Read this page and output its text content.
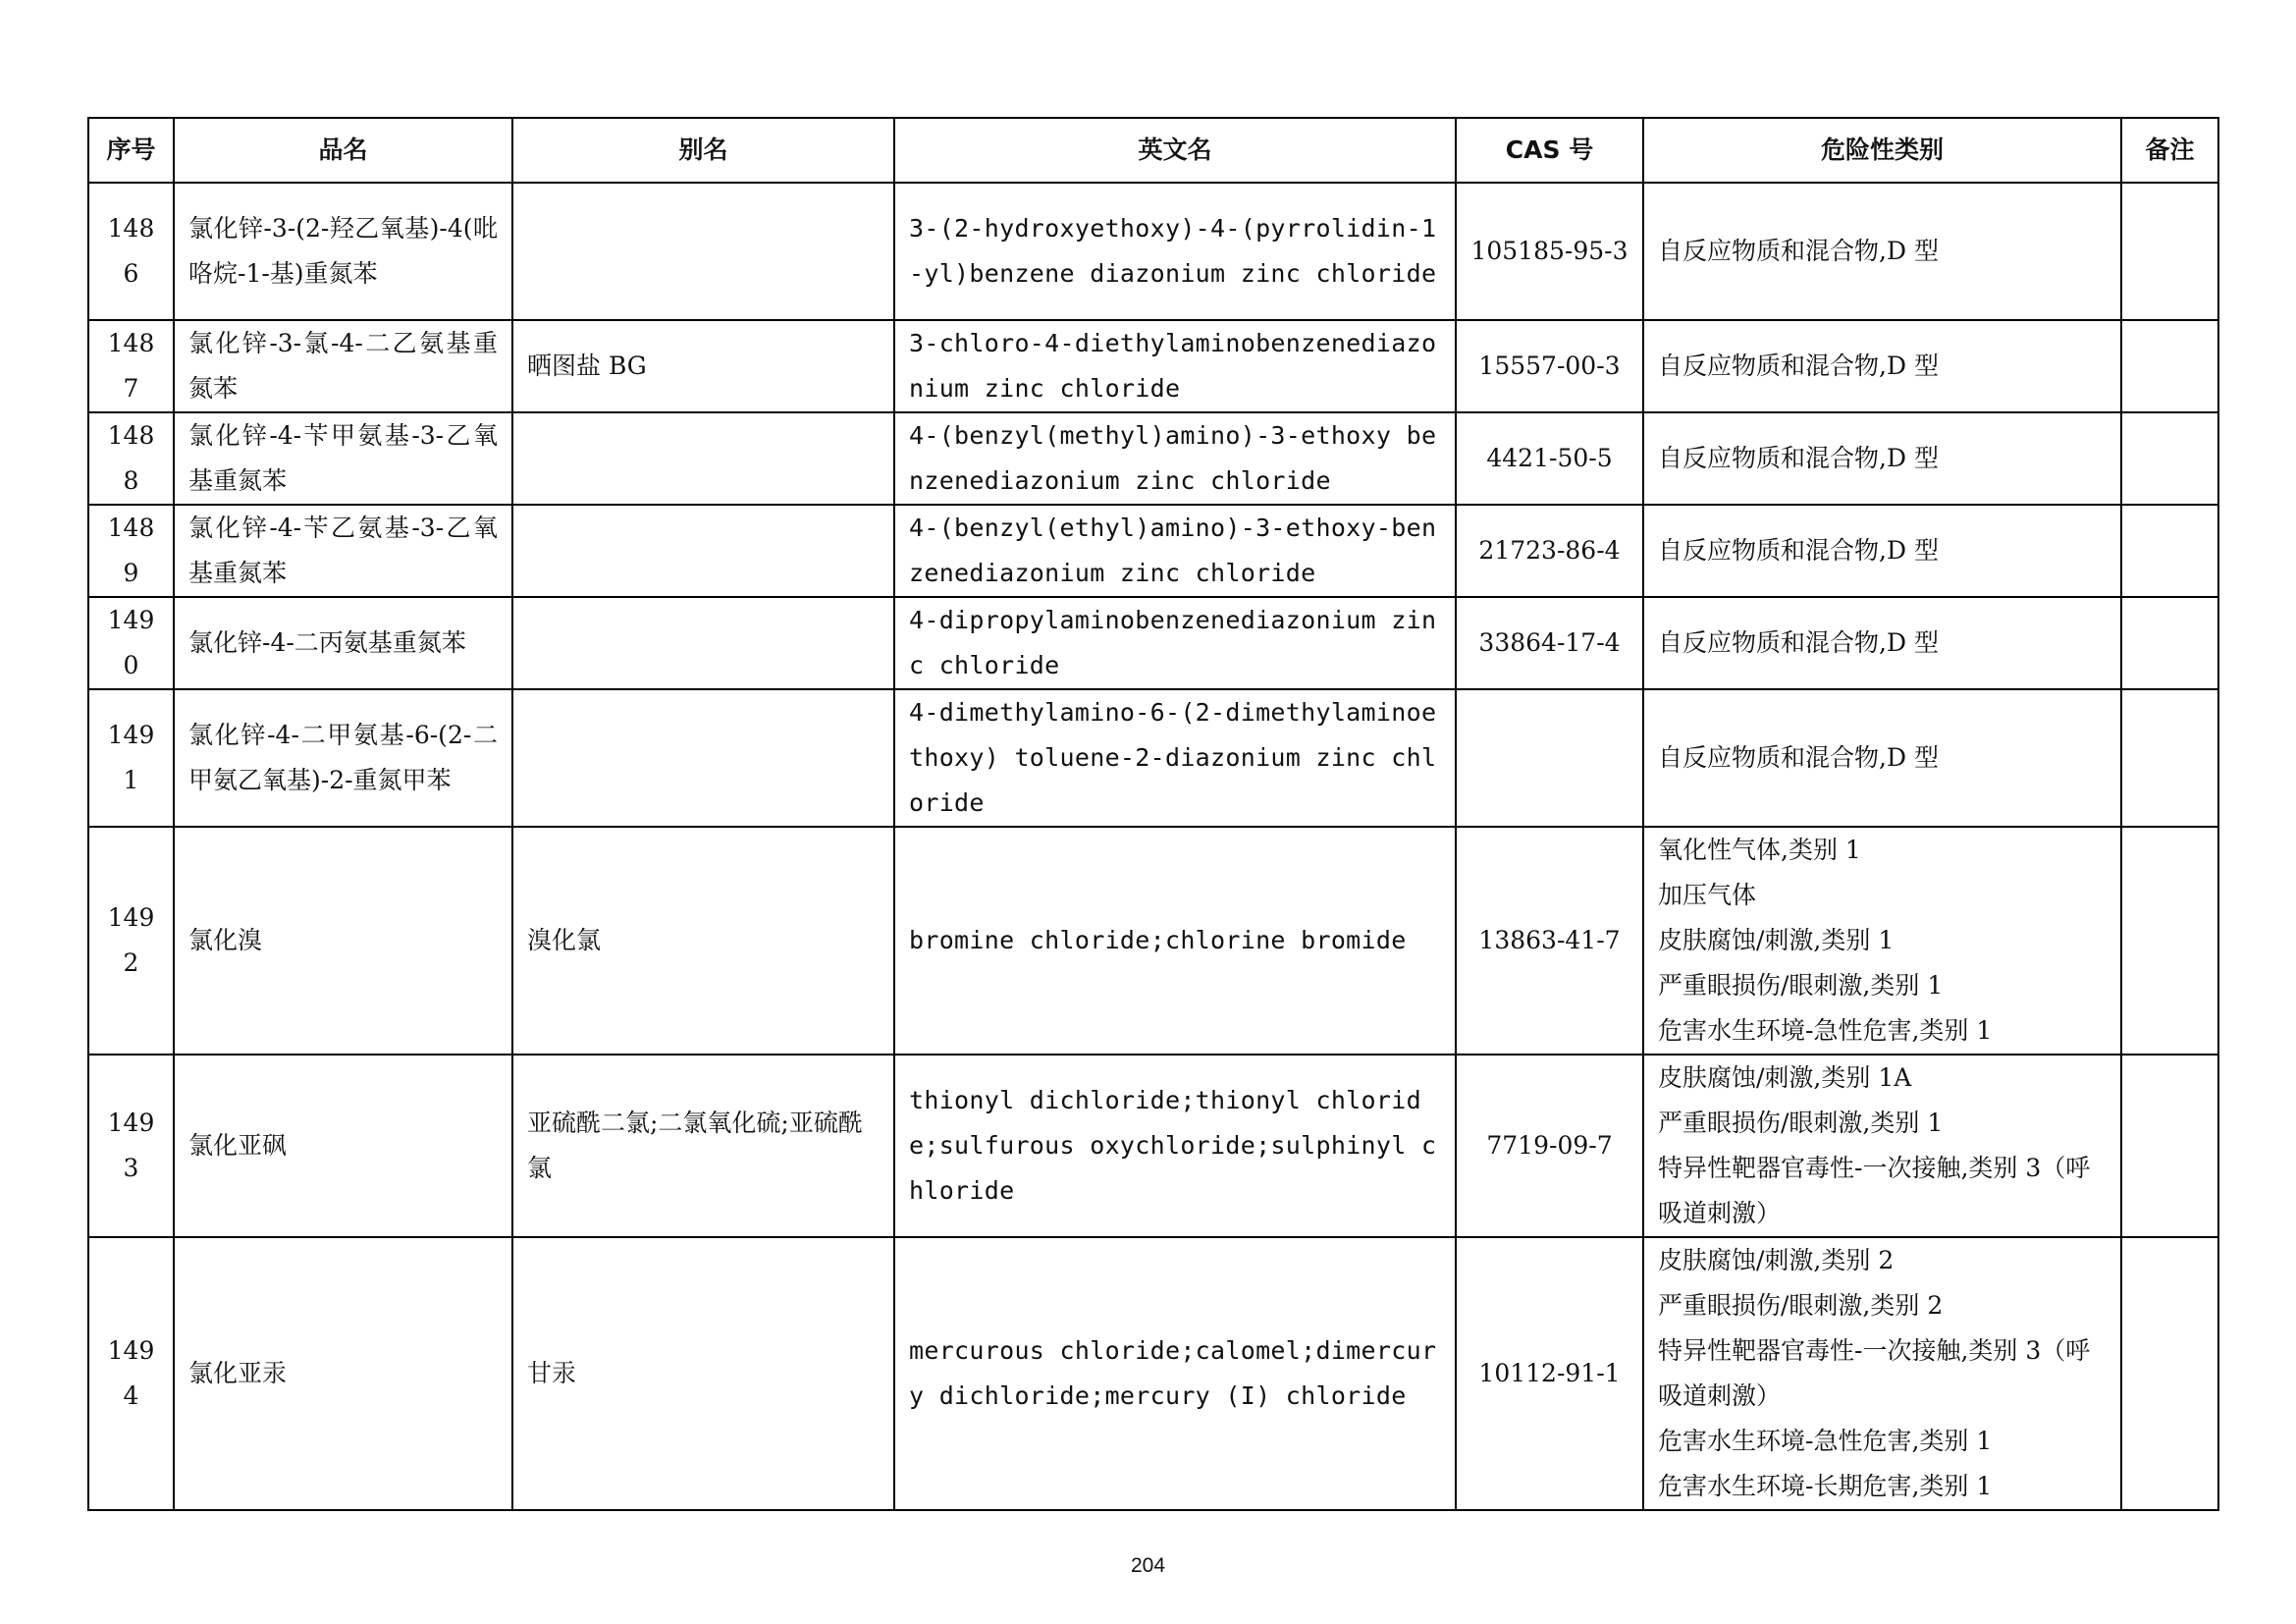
序号	品名	别名	英文名	CAS 号	危险性类别	备注
1486	氯化锌-3-(2-羟乙氧基)-4(吡咯烷-1-基)重氮苯		3-(2-hydroxyethoxy)-4-(pyrrolidin-1-yl)benzene diazonium zinc chloride	105185-95-3	自反应物质和混合物,D 型	

1487	氯化锌-3-氯-4-二乙氨基重氮苯	晒图盐 BG	3-chloro-4-diethylaminobenzenediazonium zinc chloride	15557-00-3	自反应物质和混合物,D 型	

1488	氯化锌-4-苄甲氨基-3-乙氧基重氮苯		4-(benzyl(methyl)amino)-3-ethoxy benzenediazonium zinc chloride	4421-50-5	自反应物质和混合物,D 型	

1489	氯化锌-4-苄乙氨基-3-乙氧基重氮苯		4-(benzyl(ethyl)amino)-3-ethoxy-benzenediazonium zinc chloride	21723-86-4	自反应物质和混合物,D 型	

1490	氯化锌-4-二丙氨基重氮苯		4-dipropylaminobenzenediazonium zinc chloride	33864-17-4	自反应物质和混合物,D 型	

1491	氯化锌-4-二甲氨基-6-(2-二甲氨乙氧基)-2-重氮甲苯		4-dimethylamino-6-(2-dimethylaminoethoxy) toluene-2-diazonium zinc chloride		自反应物质和混合物,D 型	

1492	氯化溴	溴化氯	bromine chloride;chlorine bromide	13863-41-7	氧化性气体,类别 1
加压气体
皮肤腐蚀/刺激,类别 1
严重眼损伤/眼刺激,类别 1
危害水生环境-急性危害,类别 1	

1493	氯化亚砜	亚硫酰二氯;二氯氧化硫;亚硫酰氯	thionyl dichloride;thionyl chloride;sulfurous oxychloride;sulphinyl chloride	7719-09-7	皮肤腐蚀/刺激,类别 1A
严重眼损伤/眼刺激,类别 1
特异性靶器官毒性-一次接触,类别 3（呼吸道刺激）	

1494	氯化亚汞	甘汞	mercurous chloride;calomel;dimercury dichloride;mercury (I) chloride	10112-91-1	皮肤腐蚀/刺激,类别 2
严重眼损伤/眼刺激,类别 2
特异性靶器官毒性-一次接触,类别 3（呼吸道刺激）
危害水生环境-急性危害,类别 1
危害水生环境-长期危害,类别 1	

204
